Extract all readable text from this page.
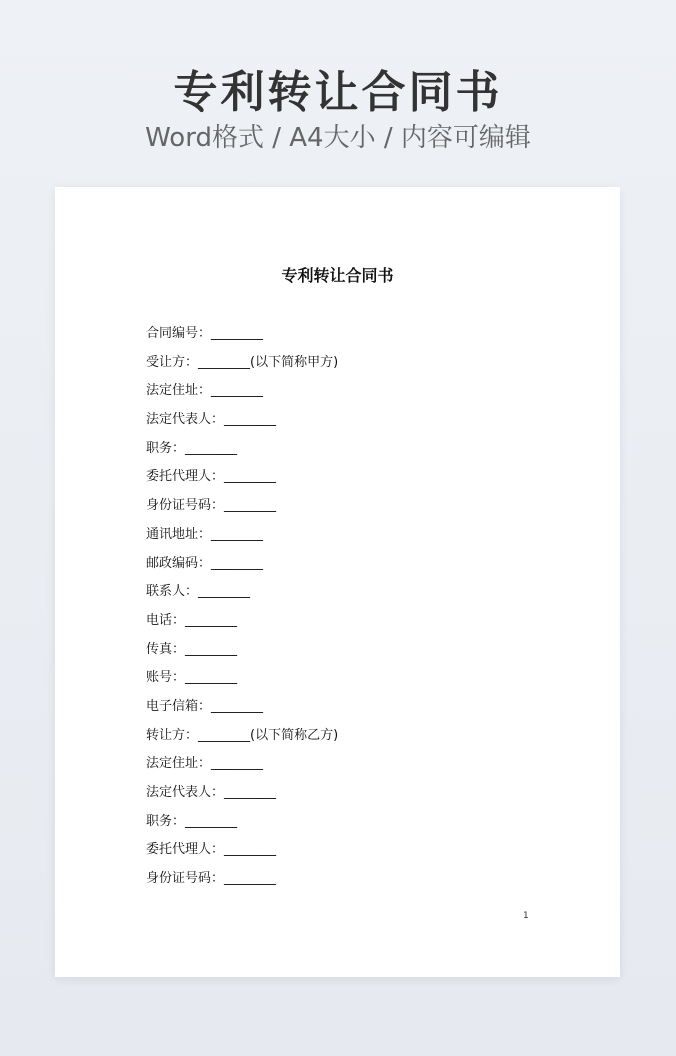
专利转让合同书
Word格式 / A4大小 / 内容可编辑
专利转让合同书
合同编号：________
受让方：________(以下简称甲方)
法定住址：________
法定代表人：________
职务：________
委托代理人：________
身份证号码：________
通讯地址：________
邮政编码：________
联系人：________
电话：________
传真：________
账号：________
电子信箱：________
转让方：________(以下简称乙方)
法定住址：________
法定代表人：________
职务：________
委托代理人：________
身份证号码：________
1
